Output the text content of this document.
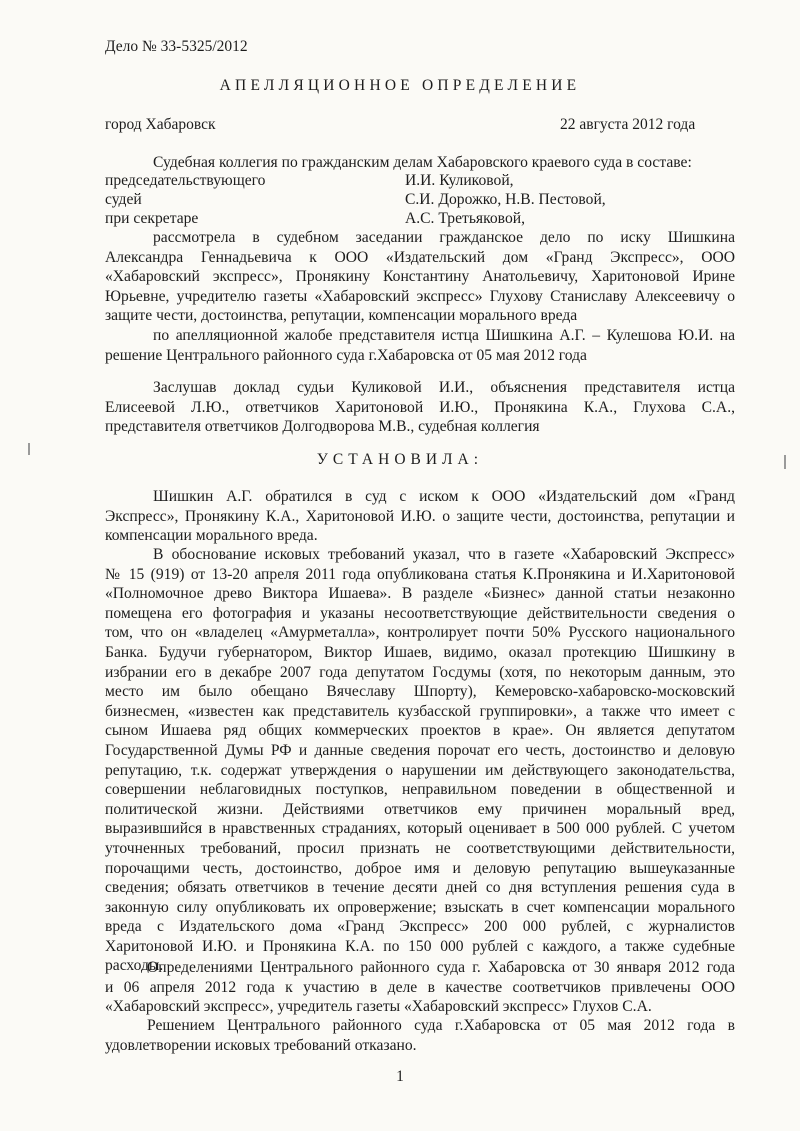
Дело № 33-5325/2012
АПЕЛЛЯЦИОННОЕ ОПРЕДЕЛЕНИЕ
город Хабаровск	22 августа 2012 года
Судебная коллегия по гражданским делам Хабаровского краевого суда в составе:
председательствующего	И.И. Куликовой,
судей	С.И. Дорожко, Н.В. Пестовой,
при секретаре	А.С. Третьяковой,
рассмотрела в судебном заседании гражданское дело по иску Шишкина
Александра Геннадьевича к ООО «Издательский дом «Гранд Экспресс», ООО
«Хабаровский экспресс», Пронякину Константину Анатольевичу, Харитоновой Ирине
Юрьевне, учредителю газеты «Хабаровский экспресс» Глухову Станиславу Алексеевичу о
защите чести, достоинства, репутации, компенсации морального вреда
по апелляционной жалобе представителя истца Шишкина А.Г. – Кулешова Ю.И. на
решение Центрального районного суда г.Хабаровска от 05 мая 2012 года
Заслушав доклад судьи Куликовой И.И., объяснения представителя истца
Елисеевой Л.Ю., ответчиков Харитоновой И.Ю., Пронякина К.А., Глухова С.А.,
представителя ответчиков Долгодворова М.В., судебная коллегия
УСТАНОВИЛА:
Шишкин А.Г. обратился в суд с иском к ООО «Издательский дом «Гранд
Экспресс», Пронякину К.А., Харитоновой И.Ю. о защите чести, достоинства, репутации и
компенсации морального вреда.
В обоснование исковых требований указал, что в газете «Хабаровский Экспресс»
№ 15 (919) от 13-20 апреля 2011 года опубликована статья К.Пронякина и И.Харитоновой
«Полномочное древо Виктора Ишаева». В разделе «Бизнес» данной статьи незаконно
помещена его фотография и указаны несоответствующие действительности сведения о
том, что он «владелец «Амурметалла», контролирует почти 50% Русского национального
Банка. Будучи губернатором, Виктор Ишаев, видимо, оказал протекцию Шишкину в
избрании его в декабре 2007 года депутатом Госдумы (хотя, по некоторым данным, это
место им было обещано Вячеславу Шпорту), Кемеровско-хабаровско-московский
бизнесмен, «известен как представитель кузбасской группировки», а также что имеет с
сыном Ишаева ряд общих коммерческих проектов в крае». Он является депутатом
Государственной Думы РФ и данные сведения порочат его честь, достоинство и деловую
репутацию, т.к. содержат утверждения о нарушении им действующего законодательства,
совершении неблаговидных поступков, неправильном поведении в общественной и
политической жизни. Действиями ответчиков ему причинен моральный вред,
выразившийся в нравственных страданиях, который оценивает в 500 000 рублей. С учетом
уточненных требований, просил признать не соответствующими действительности,
порочащими честь, достоинство, доброе имя и деловую репутацию вышеуказанные
сведения; обязать ответчиков в течение десяти дней со дня вступления решения суда в
законную силу опубликовать их опровержение; взыскать в счет компенсации морального
вреда с Издательского дома «Гранд Экспресс» 200 000 рублей, с журналистов
Харитоновой И.Ю. и Пронякина К.А. по 150 000 рублей с каждого, а также судебные
расходы.
Определениями Центрального районного суда г. Хабаровска от 30 января 2012 года
и 06 апреля 2012 года к участию в деле в качестве соответчиков привлечены ООО
«Хабаровский экспресс», учредитель газеты «Хабаровский экспресс» Глухов С.А.
Решением Центрального районного суда г.Хабаровска от 05 мая 2012 года в
удовлетворении исковых требований отказано.
1
